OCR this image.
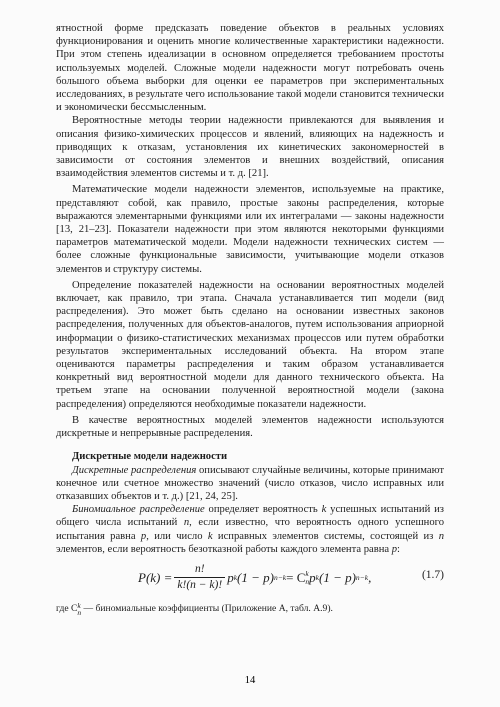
ятностной форме предсказать поведение объектов в реальных условиях функционирования и оценить многие количественные характеристики надежности. При этом степень идеализации в основном определяется требованием простоты используемых моделей. Сложные модели надежности могут потребовать очень большого объема выборки для оценки ее параметров при экспериментальных исследованиях, в результате чего использование такой модели становится технически и экономически бессмысленным.

Вероятностные методы теории надежности привлекаются для выявления и описания физико-химических процессов и явлений, влияющих на надежность и приводящих к отказам, установления их кинетических закономерностей в зависимости от состояния элементов и внешних воздействий, описания взаимодействия элементов системы и т. д. [21].

Математические модели надежности элементов, используемые на практике, представляют собой, как правило, простые законы распределения, которые выражаются элементарными функциями или их интегралами — законы надежности [13, 21–23]. Показатели надежности при этом являются некоторыми функциями параметров математической модели. Модели надежности технических систем — более сложные функциональные зависимости, учитывающие модели отказов элементов и структуру системы.

Определение показателей надежности на основании вероятностных моделей включает, как правило, три этапа. Сначала устанавливается тип модели (вид распределения). Это может быть сделано на основании известных законов распределения, полученных для объектов-аналогов, путем использования априорной информации о физико-статистических механизмах процессов или путем обработки результатов экспериментальных исследований объекта. На втором этапе оцениваются параметры распределения и таким образом устанавливается конкретный вид вероятностной модели для данного технического объекта. На третьем этапе на основании полученной вероятностной модели (закона распределения) определяются необходимые показатели надежности.

В качестве вероятностных моделей элементов надежности используются дискретные и непрерывные распределения.

Дискретные модели надежности

Дискретные распределения описывают случайные величины, которые принимают конечное или счетное множество значений (число отказов, число исправных или отказавших объектов и т. д.) [21, 24, 25].

Биномиальное распределение определяет вероятность k успешных испытаний из общего числа испытаний n, если известно, что вероятность одного успешного испытания равна p, или число k исправных элементов системы, состоящей из n элементов, если вероятность безотказной работы каждого элемента равна p:

$P(k) = \frac{n!}{k!(n - k)!}$ p k (1 − p) n−k = C k
n p k (1 − p) n−k ,	(1.7)

где C k
n — биномиальные коэффициенты (Приложение А, табл. А.9).

14
